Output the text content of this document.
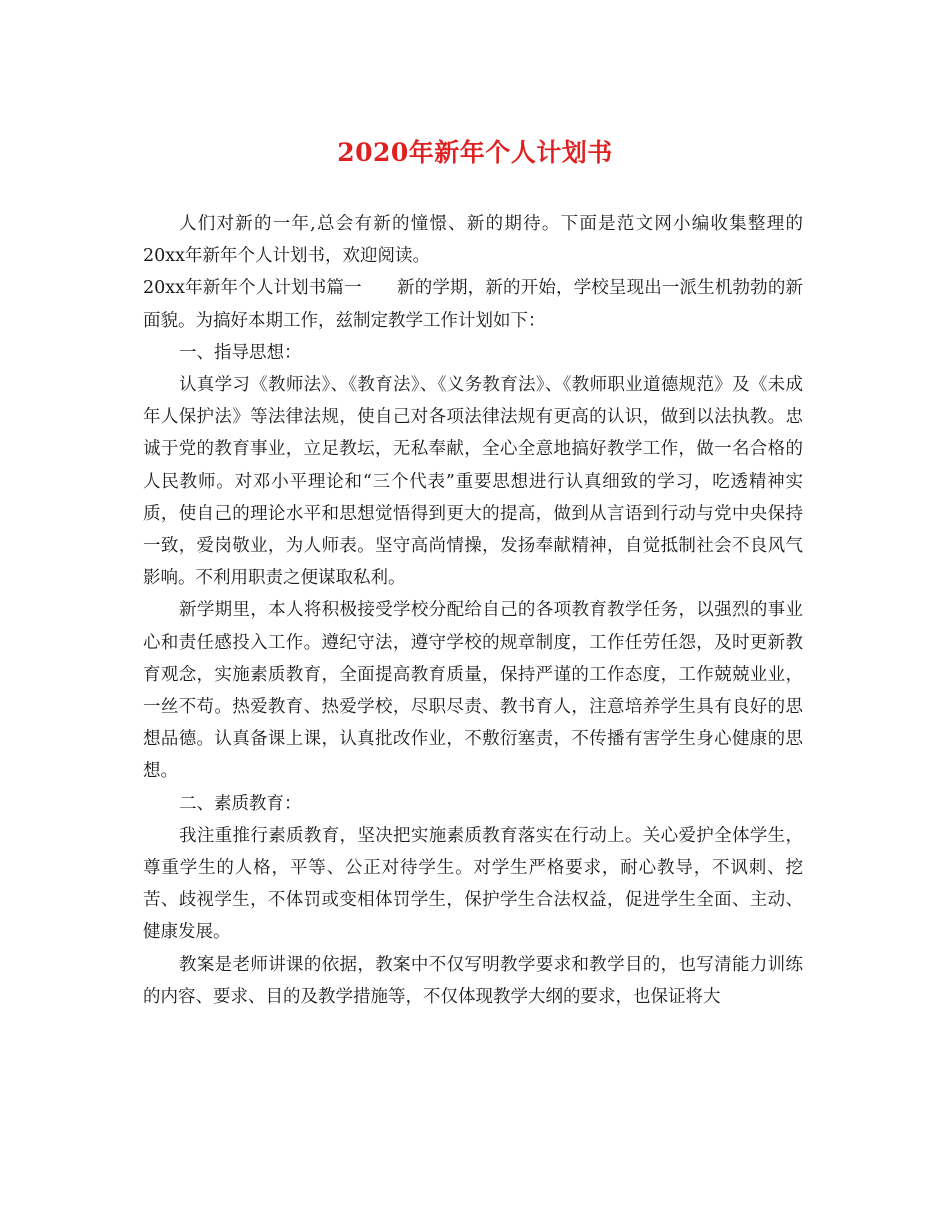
2020年新年个人计划书

人们对新的一年,总会有新的憧憬、新的期待。下面是范文网小编收集整理的20xx年新年个人计划书，欢迎阅读。

20xx年新年个人计划书篇一　　新的学期，新的开始，学校呈现出一派生机勃勃的新面貌。为搞好本期工作，兹制定教学工作计划如下：

一、指导思想：

认真学习《教师法》、《教育法》、《义务教育法》、《教师职业道德规范》及《未成年人保护法》等法律法规，使自己对各项法律法规有更高的认识，做到以法执教。忠诚于党的教育事业，立足教坛，无私奉献，全心全意地搞好教学工作，做一名合格的人民教师。对邓小平理论和“三个代表”重要思想进行认真细致的学习，吃透精神实质，使自己的理论水平和思想觉悟得到更大的提高，做到从言语到行动与党中央保持一致，爱岗敬业，为人师表。坚守高尚情操，发扬奉献精神，自觉抵制社会不良风气影响。不利用职责之便谋取私利。

新学期里，本人将积极接受学校分配给自己的各项教育教学任务，以强烈的事业心和责任感投入工作。遵纪守法，遵守学校的规章制度，工作任劳任怨，及时更新教育观念，实施素质教育，全面提高教育质量，保持严谨的工作态度，工作兢兢业业，一丝不苟。热爱教育、热爱学校，尽职尽责、教书育人，注意培养学生具有良好的思想品德。认真备课上课，认真批改作业，不敷衍塞责，不传播有害学生身心健康的思想。

二、素质教育：

我注重推行素质教育，坚决把实施素质教育落实在行动上。关心爱护全体学生，尊重学生的人格，平等、公正对待学生。对学生严格要求，耐心教导，不讽刺、挖苦、歧视学生，不体罚或变相体罚学生，保护学生合法权益，促进学生全面、主动、健康发展。

教案是老师讲课的依据，教案中不仅写明教学要求和教学目的，也写清能力训练的内容、要求、目的及教学措施等，不仅体现教学大纲的要求，也保证将大
